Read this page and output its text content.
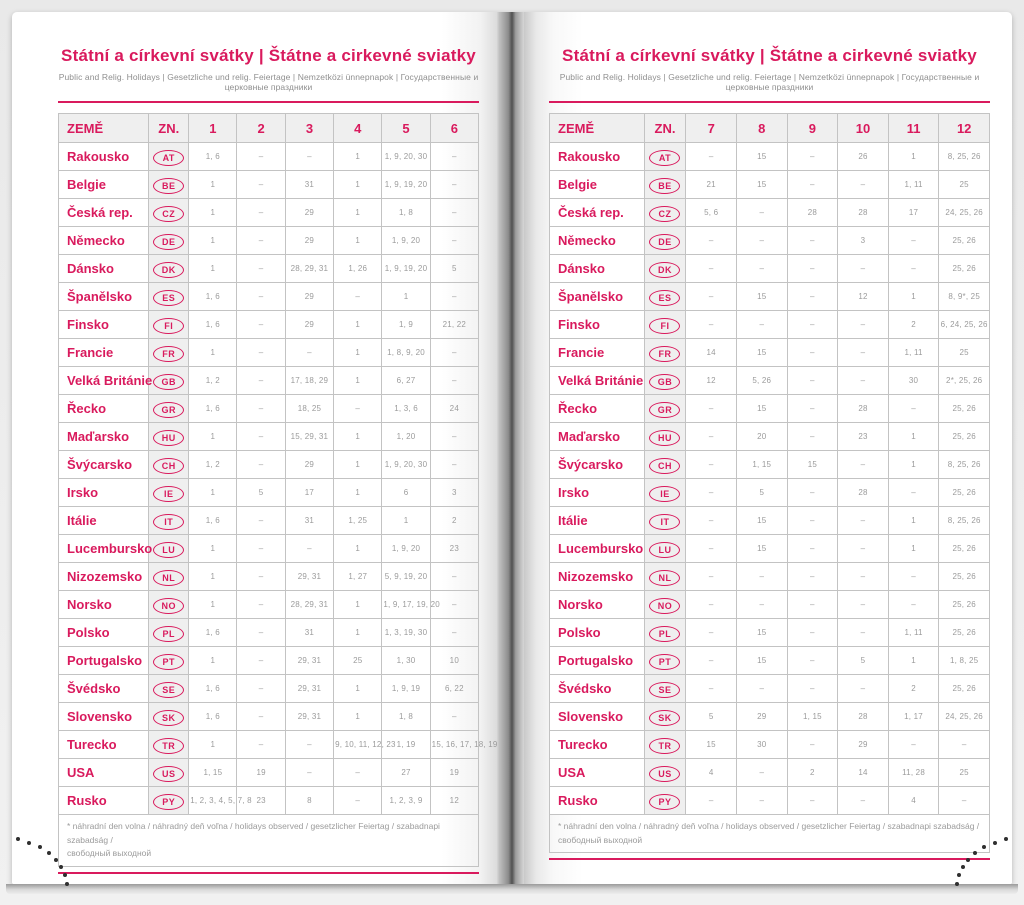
Státní a církevní svátky | Štátne a cirkevné sviatky
Public and Relig. Holidays | Gesetzliche und relig. Feiertage | Nemzetközi ünnepnapok | Государственные и церковные праздники
ZEMĚ	ZN.	1	2	3	4	5	6
Rakousko	AT	1, 6	–	–	1	1, 9, 20, 30	–
Belgie	BE	1	–	31	1	1, 9, 19, 20	–
Česká rep.	CZ	1	–	29	1	1, 8	–
Německo	DE	1	–	29	1	1, 9, 20	–
Dánsko	DK	1	–	28, 29, 31	1, 26	1, 9, 19, 20	5
Španělsko	ES	1, 6	–	29	–	1	–
Finsko	FI	1, 6	–	29	1	1, 9	21, 22
Francie	FR	1	–	–	1	1, 8, 9, 20	–
Velká Británie	GB	1, 2	–	17, 18, 29	1	6, 27	–
Řecko	GR	1, 6	–	18, 25	–	1, 3, 6	24
Maďarsko	HU	1	–	15, 29, 31	1	1, 20	–
Švýcarsko	CH	1, 2	–	29	1	1, 9, 20, 30	–
Irsko	IE	1	5	17	1	6	3
Itálie	IT	1, 6	–	31	1, 25	1	2
Lucembursko	LU	1	–	–	1	1, 9, 20	23
Nizozemsko	NL	1	–	29, 31	1, 27	5, 9, 19, 20	–
Norsko	NO	1	–	28, 29, 31	1	1, 9, 17, 19, 20	–
Polsko	PL	1, 6	–	31	1	1, 3, 19, 30	–
Portugalsko	PT	1	–	29, 31	25	1, 30	10
Švédsko	SE	1, 6	–	29, 31	1	1, 9, 19	6, 22
Slovensko	SK	1, 6	–	29, 31	1	1, 8	–
Turecko	TR	1	–	–	9, 10, 11, 12, 23	1, 19	15, 16, 17, 18, 19
USA	US	1, 15	19	–	–	27	19
Rusko	PY	1, 2, 3, 4, 5, 7, 8	23	8	–	1, 2, 3, 9	12

* náhradní den volna / náhradný deň voľna / holidays observed / gesetzlicher Feiertag / szabadnapi szabadság /
свободный выходной							
Státní a církevní svátky | Štátne a cirkevné sviatky
Public and Relig. Holidays | Gesetzliche und relig. Feiertage | Nemzetközi ünnepnapok | Государственные и церковные праздники
ZEMĚ	ZN.	7	8	9	10	11	12
Rakousko	AT	–	15	–	26	1	8, 25, 26
Belgie	BE	21	15	–	–	1, 11	25
Česká rep.	CZ	5, 6	–	28	28	17	24, 25, 26
Německo	DE	–	–	–	3	–	25, 26
Dánsko	DK	–	–	–	–	–	25, 26
Španělsko	ES	–	15	–	12	1	8, 9*, 25
Finsko	FI	–	–	–	–	2	6, 24, 25, 26
Francie	FR	14	15	–	–	1, 11	25
Velká Británie	GB	12	5, 26	–	–	30	2*, 25, 26
Řecko	GR	–	15	–	28	–	25, 26
Maďarsko	HU	–	20	–	23	1	25, 26
Švýcarsko	CH	–	1, 15	15	–	1	8, 25, 26
Irsko	IE	–	5	–	28	–	25, 26
Itálie	IT	–	15	–	–	1	8, 25, 26
Lucembursko	LU	–	15	–	–	1	25, 26
Nizozemsko	NL	–	–	–	–	–	25, 26
Norsko	NO	–	–	–	–	–	25, 26
Polsko	PL	–	15	–	–	1, 11	25, 26
Portugalsko	PT	–	15	–	5	1	1, 8, 25
Švédsko	SE	–	–	–	–	2	25, 26
Slovensko	SK	5	29	1, 15	28	1, 17	24, 25, 26
Turecko	TR	15	30	–	29	–	–
USA	US	4	–	2	14	11, 28	25
Rusko	PY	–	–	–	–	4	–

* náhradní den volna / náhradný deň voľna / holidays observed / gesetzlicher Feiertag / szabadnapi szabadság /
свободный выходной							
